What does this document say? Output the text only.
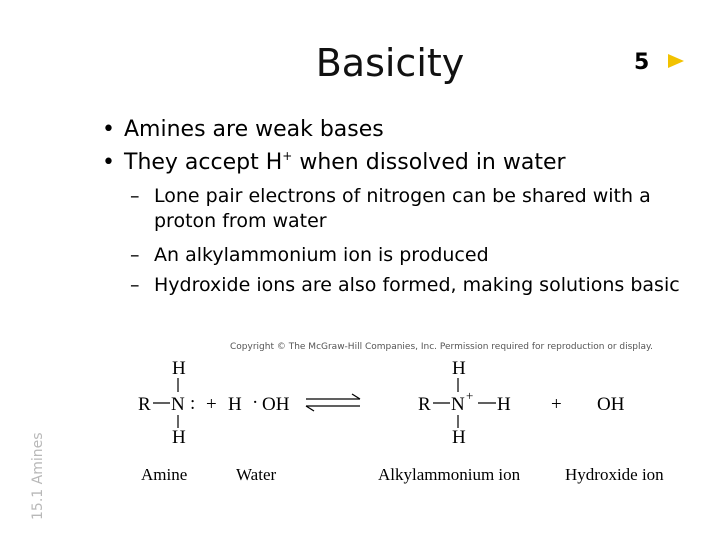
Basicity	5
• Amines are weak bases
• They accept H+ when dissolved in water
– Lone pair electrons of nitrogen can be shared with a proton from water
– An alkylammonium ion is produced
– Hydroxide ions are also formed, making solutions basic
15.1 Amines
Copyright © The McGraw-Hill Companies, Inc. Permission required for reproduction or display.
H
R N :
H
+ H · OH
H
R N + H
H
+ OH
Amine	Water	Alkylammonium ion	Hydroxide ion
